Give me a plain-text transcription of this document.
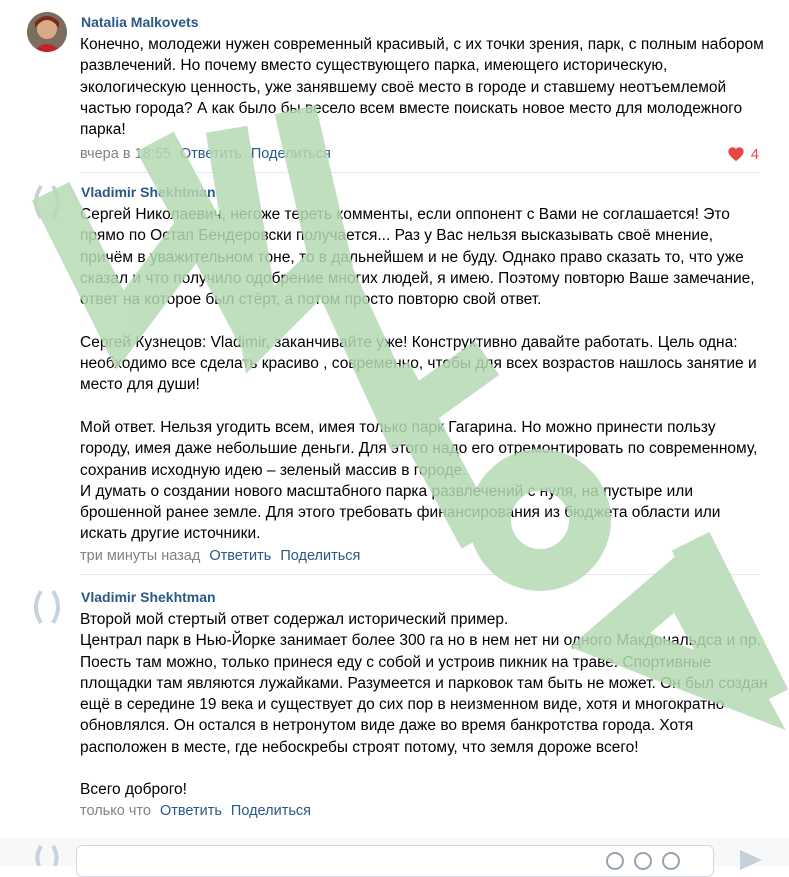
Natalia Malkovets

Конечно, молодежи нужен современный красивый, с их точки зрения, парк, с полным набором развлечений. Но почему вместо существующего парка, имеющего историческую, экологическую ценность, уже занявшему своё место в городе и ставшему неотъемлемой частью города? А как было бы весело всем вместе поискать новое место для молодежного парка!

вчера в 18:55 Ответить Поделиться	4
Vladimir Shekhtman

Сергей Николаевич, негоже тереть комменты, если оппонент с Вами не соглашается! Это прямо по Остап Бендеровски получается... Раз у Вас нельзя высказывать своё мнение, причём в уважительном тоне, то в дальнейшем и не буду. Однако право сказать то, что уже сказал и что получило одобрение многих людей, я имею. Поэтому повторю Ваше замечание, ответ на которое был стёрт, а потом просто повторю свой ответ.

Сергей Кузнецов: Vladimir, заканчивайте уже! Конструктивно давайте работать. Цель одна: необходимо все сделать красиво , современно, чтобы для всех возрастов нашлось занятие и место для души!

Мой ответ. Нельзя угодить всем, имея только парк Гагарина. Но можно принести пользу городу, имея даже небольшие деньги. Для этого надо его отремонтировать по современному, сохранив исходную идею – зеленый массив в городе.
И думать о создании нового масштабного парка развлечений с нуля, на пустыре или брошенной ранее земле. Для этого требовать финансирования из бюджета области или искать другие источники.

три минуты назад Ответить Поделиться
Vladimir Shekhtman

Второй мой стертый ответ содержал исторический пример.
Централ парк в Нью-Йорке занимает более 300 га но в нем нет ни одного Макдональдса и пр. Поесть там можно, только принеся еду с собой и устроив пикник на траве. Спортивные площадки там являются лужайками. Разумеется и парковок там быть не может. Он был создан ещё в середине 19 века и существует до сих пор в неизменном виде, хотя и многократно обновлялся. Он остался в нетронутом виде даже во время банкротства города. Хотя расположен в месте, где небоскребы строят потому, что земля дороже всего!

Всего доброго!

только что Ответить Поделиться
